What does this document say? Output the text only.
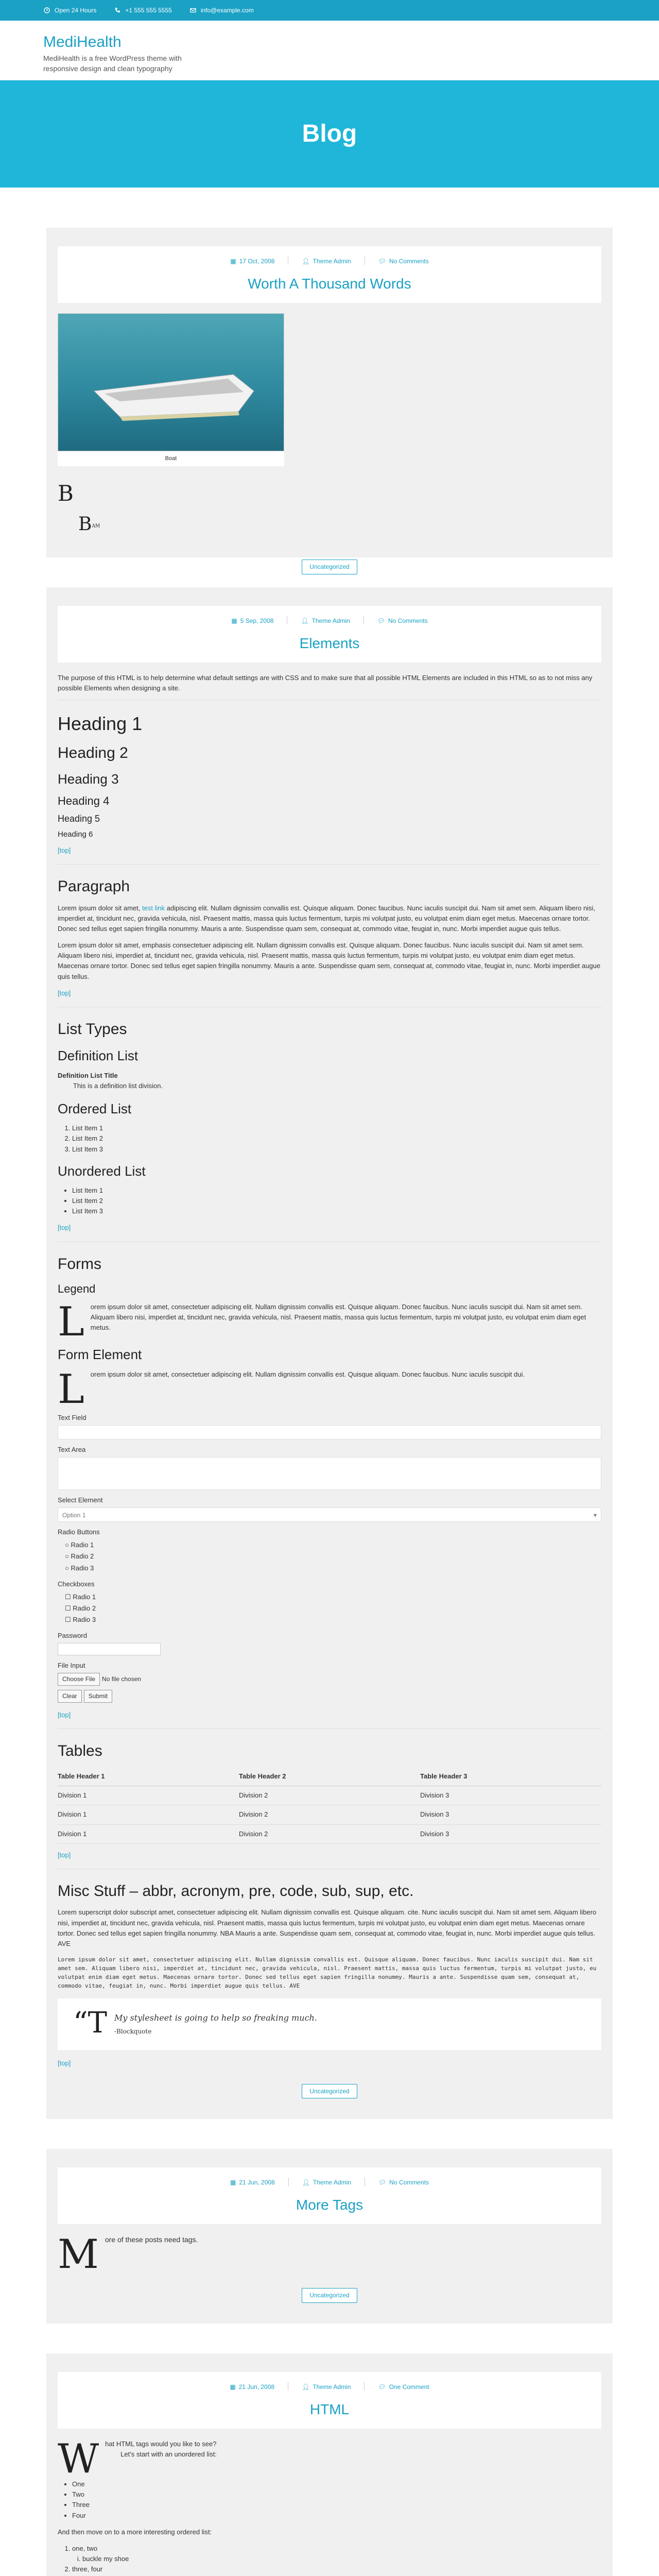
Open 24 Hours	+1 555 555 5555	info@example.com
MediHealth

MediHealth is a free WordPress theme with responsive design and clean typography

Blog
▦ 17 Oct, 2008	👤︎ Theme Admin	💬︎ No Comments
Worth A Thousand Words
Boat
B
$B^{AM}$
Uncategorized
▦ 5 Sep, 2008	👤︎ Theme Admin	💬︎ No Comments
Elements

The purpose of this HTML is to help determine what default settings are with CSS and to make sure that all possible HTML Elements are included in this HTML so as to not miss any possible Elements when designing a site.

Heading 1
Heading 2
Heading 3
Heading 4
Heading 5
Heading 6
[top]
Paragraph

Lorem ipsum dolor sit amet, test link adipiscing elit. Nullam dignissim convallis est. Quisque aliquam. Donec faucibus. Nunc iaculis suscipit dui. Nam sit amet sem. Aliquam libero nisi, imperdiet at, tincidunt nec, gravida vehicula, nisl. Praesent mattis, massa quis luctus fermentum, turpis mi volutpat justo, eu volutpat enim diam eget metus. Maecenas ornare tortor. Donec sed tellus eget sapien fringilla nonummy. Mauris a ante. Suspendisse quam sem, consequat at, commodo vitae, feugiat in, nunc. Morbi imperdiet augue quis tellus.

Lorem ipsum dolor sit amet, emphasis consectetuer adipiscing elit. Nullam dignissim convallis est. Quisque aliquam. Donec faucibus. Nunc iaculis suscipit dui. Nam sit amet sem. Aliquam libero nisi, imperdiet at, tincidunt nec, gravida vehicula, nisl. Praesent mattis, massa quis luctus fermentum, turpis mi volutpat justo, eu volutpat enim diam eget metus. Maecenas ornare tortor. Donec sed tellus eget sapien fringilla nonummy. Mauris a ante. Suspendisse quam sem, consequat at, commodo vitae, feugiat in, nunc. Morbi imperdiet augue quis tellus.

[top]
List Types
Definition List
Definition List Title
This is a definition list division.
Ordered List
1. List Item 1
2. List Item 2
3. List Item 3
Unordered List
• List Item 1
• List Item 2
• List Item 3
[top]
Forms
Legend

Lorem ipsum dolor sit amet, consectetuer adipiscing elit. Nullam dignissim convallis est. Quisque aliquam. Donec faucibus. Nunc iaculis suscipit dui. Nam sit amet sem. Aliquam libero nisi, imperdiet at, tincidunt nec, gravida vehicula, nisl. Praesent mattis, massa quis luctus fermentum, turpis mi volutpat justo, eu volutpat enim diam eget metus.

Form Element

Lorem ipsum dolor sit amet, consectetuer adipiscing elit. Nullam dignissim convallis est. Quisque aliquam. Donec faucibus. Nunc iaculis suscipit dui.

Text Field
Text Area
Select Element
Option 1	▾
Radio Buttons
○ Radio 1
○ Radio 2
○ Radio 3
Checkboxes
☐ Radio 1
☐ Radio 2
☐ Radio 3
Password
File Input
Choose File No file chosen
Clear Submit
[top]
Tables
Table Header 1	Table Header 2	Table Header 3
Division 1	Division 2	Division 3
Division 1	Division 2	Division 3
Division 1	Division 2	Division 3
[top]
Misc Stuff – abbr, acronym, pre, code, sub, sup, etc.

Lorem superscript dolor subscript amet, consectetuer adipiscing elit. Nullam dignissim convallis est. Quisque aliquam. cite. Nunc iaculis suscipit dui. Nam sit amet sem. Aliquam libero nisi, imperdiet at, tincidunt nec, gravida vehicula, nisl. Praesent mattis, massa quis luctus fermentum, turpis mi volutpat justo, eu volutpat enim diam eget metus. Maecenas ornare tortor. Donec sed tellus eget sapien fringilla nonummy. NBA Mauris a ante. Suspendisse quam sem, consequat at, commodo vitae, feugiat in, nunc. Morbi imperdiet augue quis tellus. AVE

Lorem ipsum dolor sit amet, consectetuer adipiscing elit. Nullam dignissim convallis est. Quisque aliquam. Donec faucibus. Nunc iaculis suscipit dui. Nam sit amet sem. Aliquam libero nisi, imperdiet at, tincidunt nec, gravida vehicula, nisl. Praesent mattis, massa quis luctus fermentum, turpis mi volutpat justo, eu volutpat enim diam eget metus. Maecenas ornare tortor. Donec sed tellus eget sapien fringilla nonummy. Mauris a ante. Suspendisse quam sem, consequat at, commodo vitae, feugiat in, nunc. Morbi imperdiet augue quis tellus. AVE
“T My stylesheet is going to help so freaking much.
-Blockquote
[top]
Uncategorized
▦ 21 Jun, 2008	👤︎ Theme Admin	💬︎ No Comments
More Tags

More of these posts need tags.

Uncategorized
▦ 21 Jun, 2008	👤︎ Theme Admin	💬︎ One Comment
HTML

What HTML tags would you like to see?
Let's start with an unordered list:

• One
• Two
• Three
• Four

And then move on to a more interesting ordered list:

1. one, two
i. buckle my shoe
2. three, four
i.
